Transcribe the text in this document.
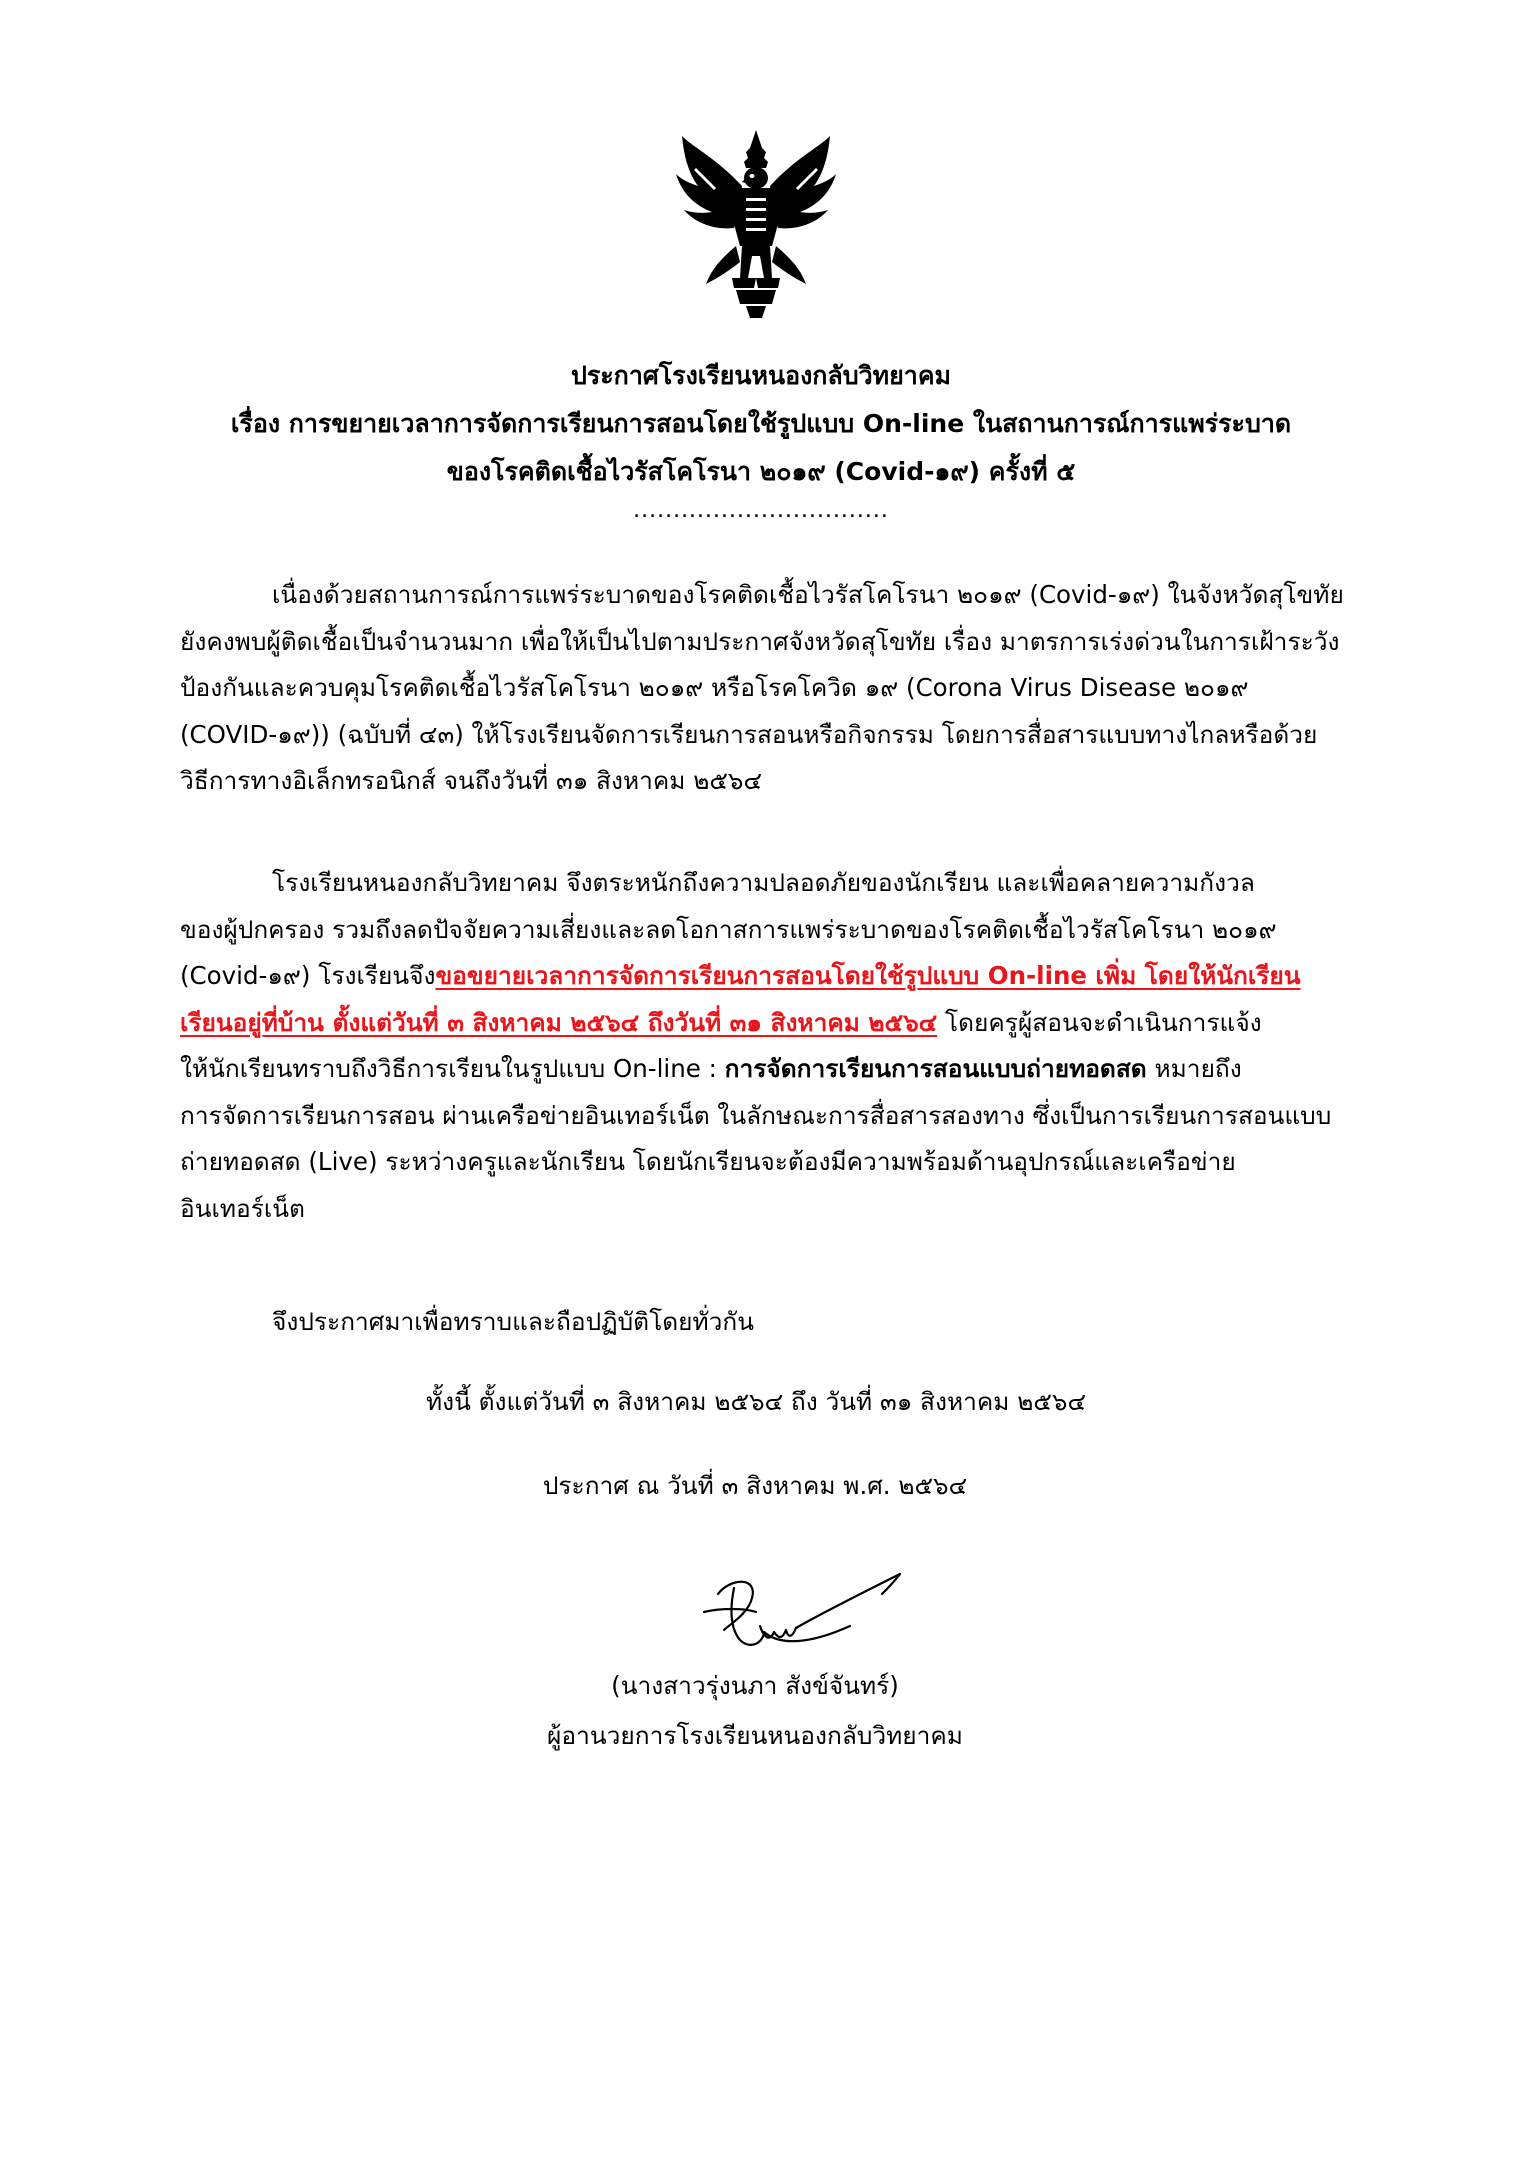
ประกาศโรงเรียนหนองกลับวิทยาคม
เรื่อง การขยายเวลาการจัดการเรียนการสอนโดยใช้รูปแบบ On-line ในสถานการณ์การแพร่ระบาด
ของโรคติดเชื้อไวรัสโคโรนา ๒๐๑๙ (Covid-๑๙) ครั้งที่ ๕
................................
เนื่องด้วยสถานการณ์การแพร่ระบาดของโรคติดเชื้อไวรัสโคโรนา ๒๐๑๙ (Covid-๑๙) ในจังหวัดสุโขทัย
ยังคงพบผู้ติดเชื้อเป็นจำนวนมาก เพื่อให้เป็นไปตามประกาศจังหวัดสุโขทัย เรื่อง มาตรการเร่งด่วนในการเฝ้าระวัง
ป้องกันและควบคุมโรคติดเชื้อไวรัสโคโรนา ๒๐๑๙ หรือโรคโควิด ๑๙ (Corona Virus Disease ๒๐๑๙
(COVID-๑๙)) (ฉบับที่ ๔๓) ให้โรงเรียนจัดการเรียนการสอนหรือกิจกรรม โดยการสื่อสารแบบทางไกลหรือด้วย
วิธีการทางอิเล็กทรอนิกส์ จนถึงวันที่ ๓๑ สิงหาคม ๒๕๖๔
โรงเรียนหนองกลับวิทยาคม จึงตระหนักถึงความปลอดภัยของนักเรียน และเพื่อคลายความกังวล
ของผู้ปกครอง รวมถึงลดปัจจัยความเสี่ยงและลดโอกาสการแพร่ระบาดของโรคติดเชื้อไวรัสโคโรนา ๒๐๑๙
(Covid-๑๙) โรงเรียนจึงขอขยายเวลาการจัดการเรียนการสอนโดยใช้รูปแบบ On-line เพิ่ม โดยให้นักเรียน
เรียนอยู่ที่บ้าน ตั้งแต่วันที่ ๓ สิงหาคม ๒๕๖๔ ถึงวันที่ ๓๑ สิงหาคม ๒๕๖๔ โดยครูผู้สอนจะดำเนินการแจ้ง
ให้นักเรียนทราบถึงวิธีการเรียนในรูปแบบ On-line : การจัดการเรียนการสอนแบบถ่ายทอดสด หมายถึง
การจัดการเรียนการสอน ผ่านเครือข่ายอินเทอร์เน็ต ในลักษณะการสื่อสารสองทาง ซึ่งเป็นการเรียนการสอนแบบ
ถ่ายทอดสด (Live) ระหว่างครูและนักเรียน โดยนักเรียนจะต้องมีความพร้อมด้านอุปกรณ์และเครือข่าย
อินเทอร์เน็ต
จึงประกาศมาเพื่อทราบและถือปฏิบัติโดยทั่วกัน
ทั้งนี้ ตั้งแต่วันที่ ๓ สิงหาคม ๒๕๖๔ ถึง วันที่ ๓๑ สิงหาคม ๒๕๖๔
ประกาศ ณ วันที่ ๓ สิงหาคม พ.ศ. ๒๕๖๔
(นางสาวรุ่งนภา สังข์จันทร์)
ผู้อานวยการโรงเรียนหนองกลับวิทยาคม
